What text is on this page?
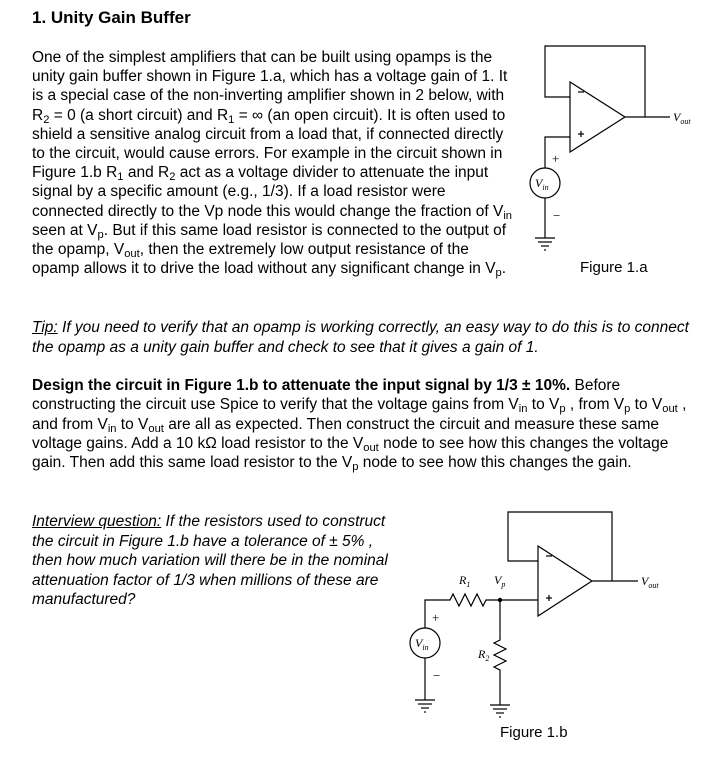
1. Unity Gain Buffer
One of the simplest amplifiers that can be built using opamps is the unity gain buffer shown in Figure 1.a, which has a voltage gain of 1. It is a special case of the non-inverting amplifier shown in 2 below, with $R_2 = 0$ (a short circuit) and $R_1$ = ∞ (an open circuit). It is often used to shield a sensitive analog circuit from a load that, if connected directly to the circuit, would cause errors. For example in the circuit shown in Figure 1.b $R_1$ and $R_2$ act as a voltage divider to attenuate the input signal by a specific amount (e.g., 1/3). If a load resistor were connected directly to the Vp node this would change the fraction of $V_{in}$ seen at $V_p$. But if this same load resistor is connected to the output of the opamp, $V_{out}$, then the extremely low output resistance of the opamp allows it to drive the load without any significant change in $V_p$.
Tip: If you need to verify that an opamp is working correctly, an easy way to do this is to connect the opamp as a unity gain buffer and check to see that it gives a gain of 1.
Design the circuit in Figure 1.b to attenuate the input signal by 1/3 ± 10%. Before constructing the circuit use Spice to verify that the voltage gains from $V_{in}$ to $V_p$ , from $V_p$ to $V_{out}$ , and from $V_{in}$ to $V_{out}$ are all as expected. Then construct the circuit and measure these same voltage gains. Add a 10 kΩ load resistor to the $V_{out}$ node to see how this changes the voltage gain. Then add this same load resistor to the $V_p$ node to see how this changes the gain.
Interview question: If the resistors used to construct the circuit in Figure 1.b have a tolerance of ± 5% , then how much variation will there be in the nominal attenuation factor of 1/3 when millions of these are manufactured?
+
−
$V_{in}$
$V_{out}$
+
−
$V_{in}$
$R_1$ $V_p$
$R_2$
$V_{out}$
Figure 1.a
Figure 1.b
